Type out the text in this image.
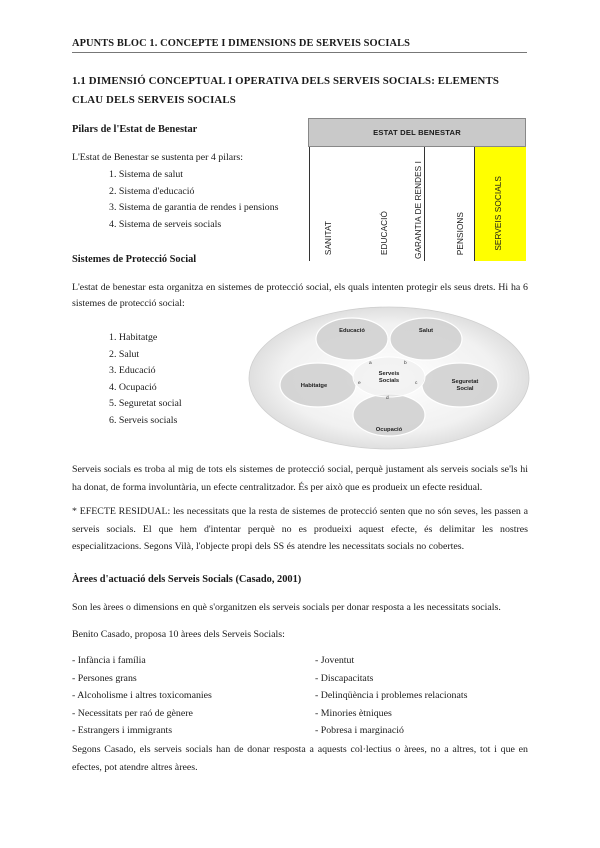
APUNTS BLOC 1. CONCEPTE I DIMENSIONS DE SERVEIS SOCIALS
1.1 DIMENSIÓ CONCEPTUAL I OPERATIVA DELS SERVEIS SOCIALS: ELEMENTS CLAU DELS SERVEIS SOCIALS
Pilars de l'Estat de Benestar
L'Estat de Benestar se sustenta per 4 pilars:
1. Sistema de salut
2. Sistema d'educació
3. Sistema de garantia de rendes i pensions
4. Sistema de serveis socials
ESTAT DEL BENESTAR
SANITAT	EDUCACIÓ	GARANTIA DE RENDES I	PENSIONS	SERVEIS SOCIALS
Sistemes de Protecció Social
L'estat de benestar esta organitza en sistemes de protecció social, els quals intenten protegir els seus drets. Hi ha 6 sistemes de protecció social:
1. Habitatge
2. Salut
3. Educació
4. Ocupació
5. Seguretat social
6. Serveis socials
Educació	Salut
Seguretat Social
Ocupació
Habitatge
Serveis Socials
a	b
c
d
e
Serveis socials es troba al mig de tots els sistemes de protecció social, perquè justament als serveis socials se'ls hi ha donat, de forma involuntària, un efecte centralitzador. És per això que es produeix un efecte residual.
* EFECTE RESIDUAL: les necessitats que la resta de sistemes de protecció senten que no són seves, les passen a serveis socials. El que hem d'intentar perquè no es produeixi aquest efecte, és delimitar les nostres especialitzacions. Segons Vilà, l'objecte propi dels SS és atendre les necessitats socials no cobertes.
Àrees d'actuació dels Serveis Socials (Casado, 2001)
Son les àrees o dimensions en què s'organitzen els serveis socials per donar resposta a les necessitats socials.
Benito Casado, proposa 10 àrees dels Serveis Socials:
- Infància i família
- Persones grans
- Alcoholisme i altres toxicomanies
- Necessitats per raó de gènere
- Estrangers i immigrants
- Joventut
- Discapacitats
- Delinqüència i problemes relacionats
- Minories ètniques
- Pobresa i marginació
Segons Casado, els serveis socials han de donar resposta a aquests col·lectius o àrees, no a altres, tot i que en efectes, pot atendre altres àrees.
